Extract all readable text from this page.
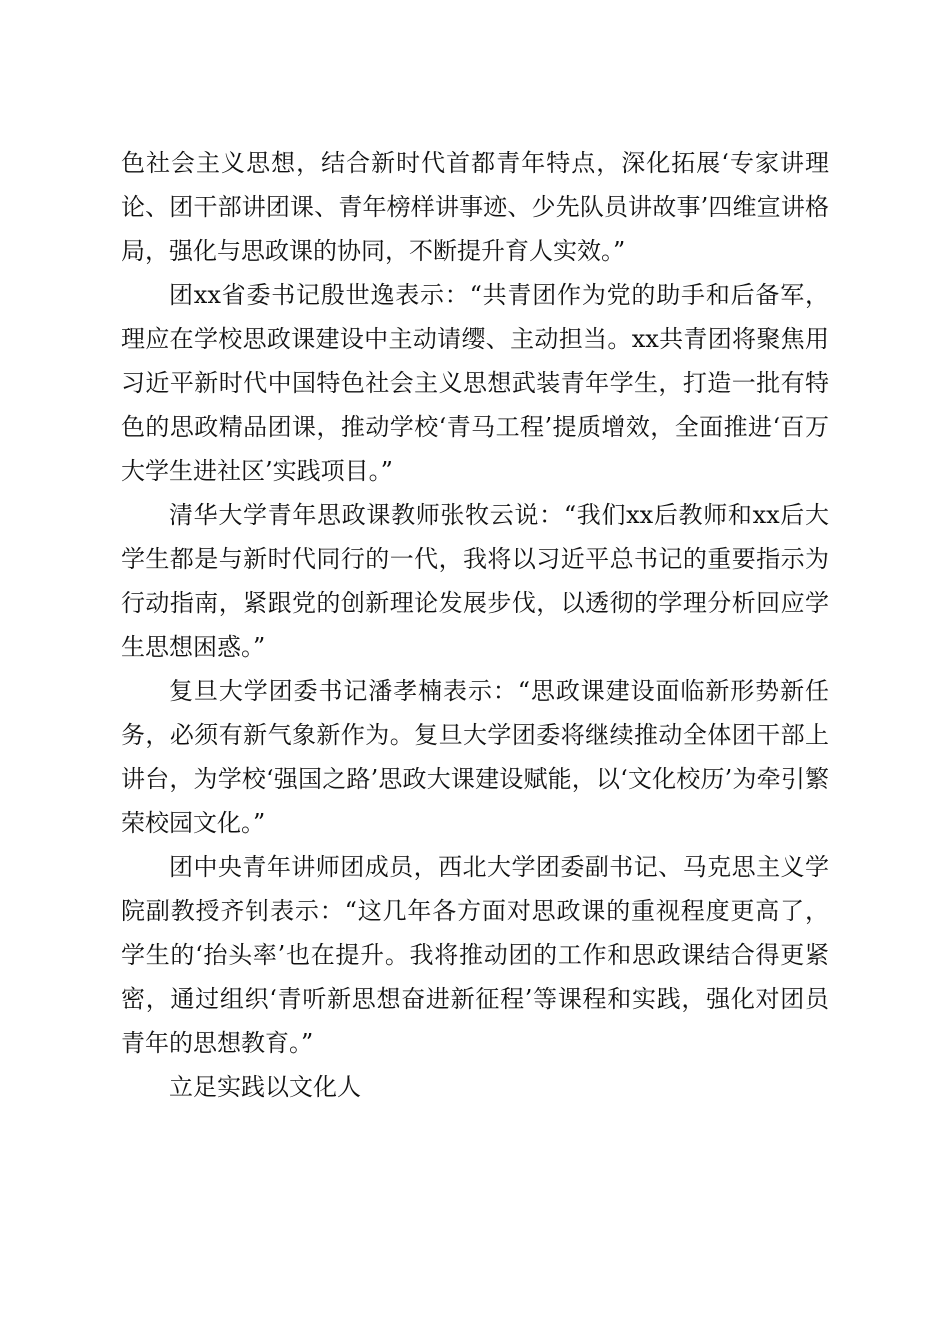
色社会主义思想，结合新时代首都青年特点，深化拓展‘专家讲理论、团干部讲团课、青年榜样讲事迹、少先队员讲故事’四维宣讲格局，强化与思政课的协同，不断提升育人实效。”

团xx省委书记殷世逸表示：“共青团作为党的助手和后备军，理应在学校思政课建设中主动请缨、主动担当。xx共青团将聚焦用习近平新时代中国特色社会主义思想武装青年学生，打造一批有特色的思政精品团课，推动学校‘青马工程’提质增效，全面推进‘百万大学生进社区’实践项目。”

清华大学青年思政课教师张牧云说：“我们xx后教师和xx后大学生都是与新时代同行的一代，我将以习近平总书记的重要指示为行动指南，紧跟党的创新理论发展步伐，以透彻的学理分析回应学生思想困惑。”

复旦大学团委书记潘孝楠表示：“思政课建设面临新形势新任务，必须有新气象新作为。复旦大学团委将继续推动全体团干部上讲台，为学校‘强国之路’思政大课建设赋能，以‘文化校历’为牵引繁荣校园文化。”

团中央青年讲师团成员，西北大学团委副书记、马克思主义学院副教授齐钊表示：“这几年各方面对思政课的重视程度更高了，学生的‘抬头率’也在提升。我将推动团的工作和思政课结合得更紧密，通过组织‘青听新思想奋进新征程’等课程和实践，强化对团员青年的思想教育。”

立足实践以文化人
